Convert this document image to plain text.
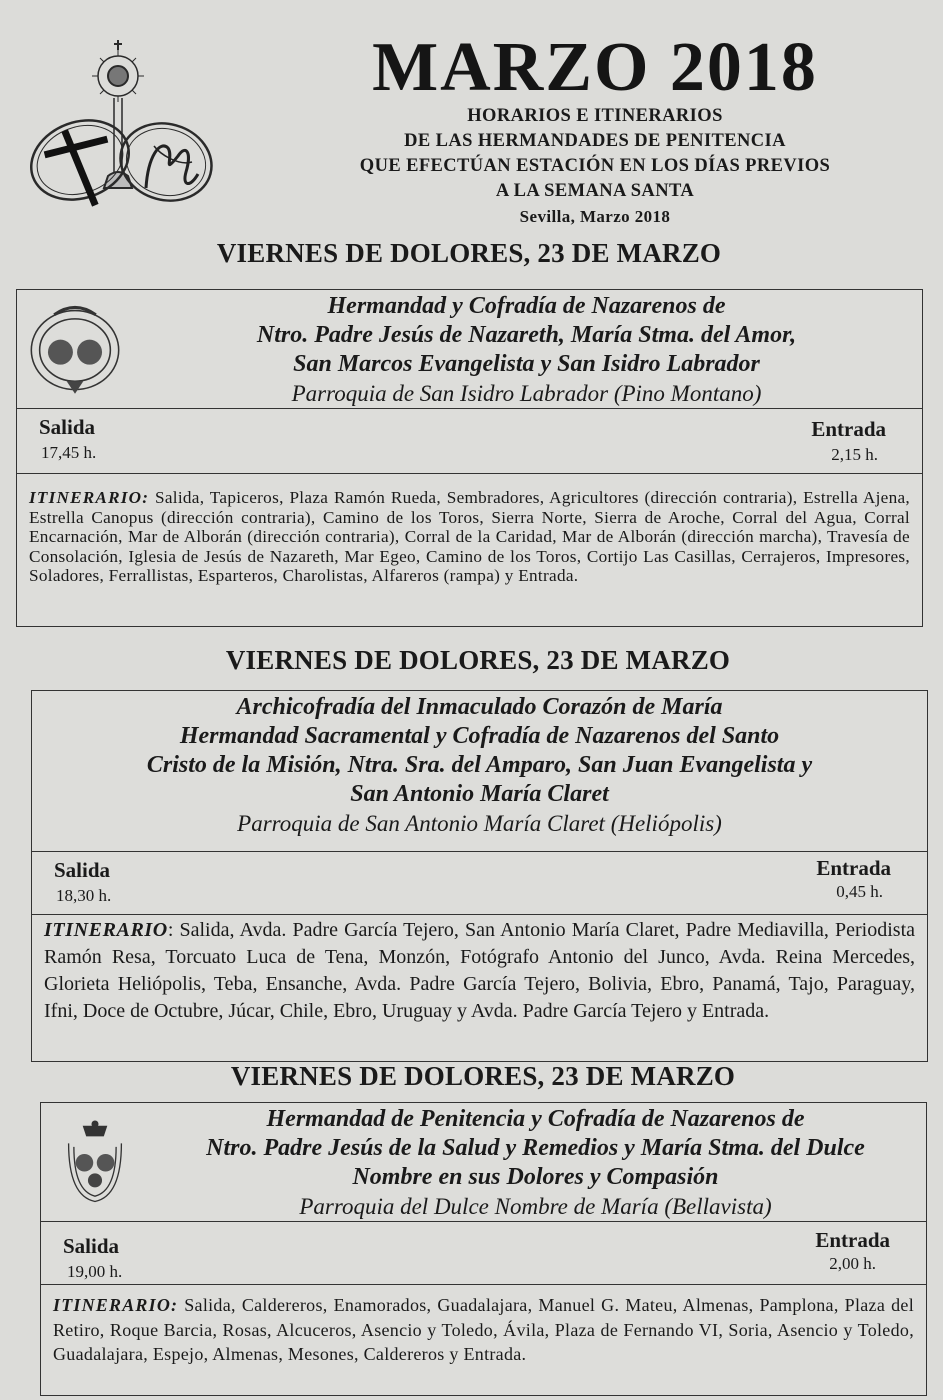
MARZO 2018
HORARIOS E ITINERARIOS
DE LAS HERMANDADES DE PENITENCIA
QUE EFECTÚAN ESTACIÓN EN LOS DÍAS PREVIOS
A LA SEMANA SANTA
Sevilla, Marzo 2018
VIERNES DE DOLORES, 23 DE MARZO
Hermandad y Cofradía de Nazarenos de
Ntro. Padre Jesús de Nazareth, María Stma. del Amor,
San Marcos Evangelista y San Isidro Labrador
Parroquia de San Isidro Labrador (Pino Montano)
Salida
17,45 h.
Entrada
2,15 h.
ITINERARIO: Salida, Tapiceros, Plaza Ramón Rueda, Sembradores, Agricultores (dirección contraria), Estrella Ajena, Estrella Canopus (dirección contraria), Camino de los Toros, Sierra Norte, Sierra de Aroche, Corral del Agua, Corral Encarnación, Mar de Alborán (dirección contraria), Corral de la Caridad, Mar de Alborán (dirección marcha), Travesía de Consolación, Iglesia de Jesús de Nazareth, Mar Egeo, Camino de los Toros, Cortijo Las Casillas, Cerrajeros, Impresores, Soladores, Ferrallistas, Esparteros, Charolistas, Alfareros (rampa) y Entrada.
VIERNES DE DOLORES, 23 DE MARZO
Archicofradía del Inmaculado Corazón de María
Hermandad Sacramental y Cofradía de Nazarenos del Santo
Cristo de la Misión, Ntra. Sra. del Amparo, San Juan Evangelista y
San Antonio María Claret
Parroquia de San Antonio María Claret (Heliópolis)
Salida
18,30 h.
Entrada
0,45 h.
ITINERARIO: Salida, Avda. Padre García Tejero, San Antonio María Claret, Padre Mediavilla, Periodista Ramón Resa, Torcuato Luca de Tena, Monzón, Fotógrafo Antonio del Junco, Avda. Reina Mercedes, Glorieta Heliópolis, Teba, Ensanche, Avda. Padre García Tejero, Bolivia, Ebro, Panamá, Tajo, Paraguay, Ifni, Doce de Octubre, Júcar, Chile, Ebro, Uruguay y Avda. Padre García Tejero y Entrada.
VIERNES DE DOLORES, 23 DE MARZO
Hermandad de Penitencia y Cofradía de Nazarenos de
Ntro. Padre Jesús de la Salud y Remedios y María Stma. del Dulce
Nombre en sus Dolores y Compasión
Parroquia del Dulce Nombre de María (Bellavista)
Salida
19,00 h.
Entrada
2,00 h.
ITINERARIO: Salida, Caldereros, Enamorados, Guadalajara, Manuel G. Mateu, Almenas, Pamplona, Plaza del Retiro, Roque Barcia, Rosas, Alcuceros, Asencio y Toledo, Ávila, Plaza de Fernando VI, Soria, Asencio y Toledo, Guadalajara, Espejo, Almenas, Mesones, Caldereros y Entrada.
